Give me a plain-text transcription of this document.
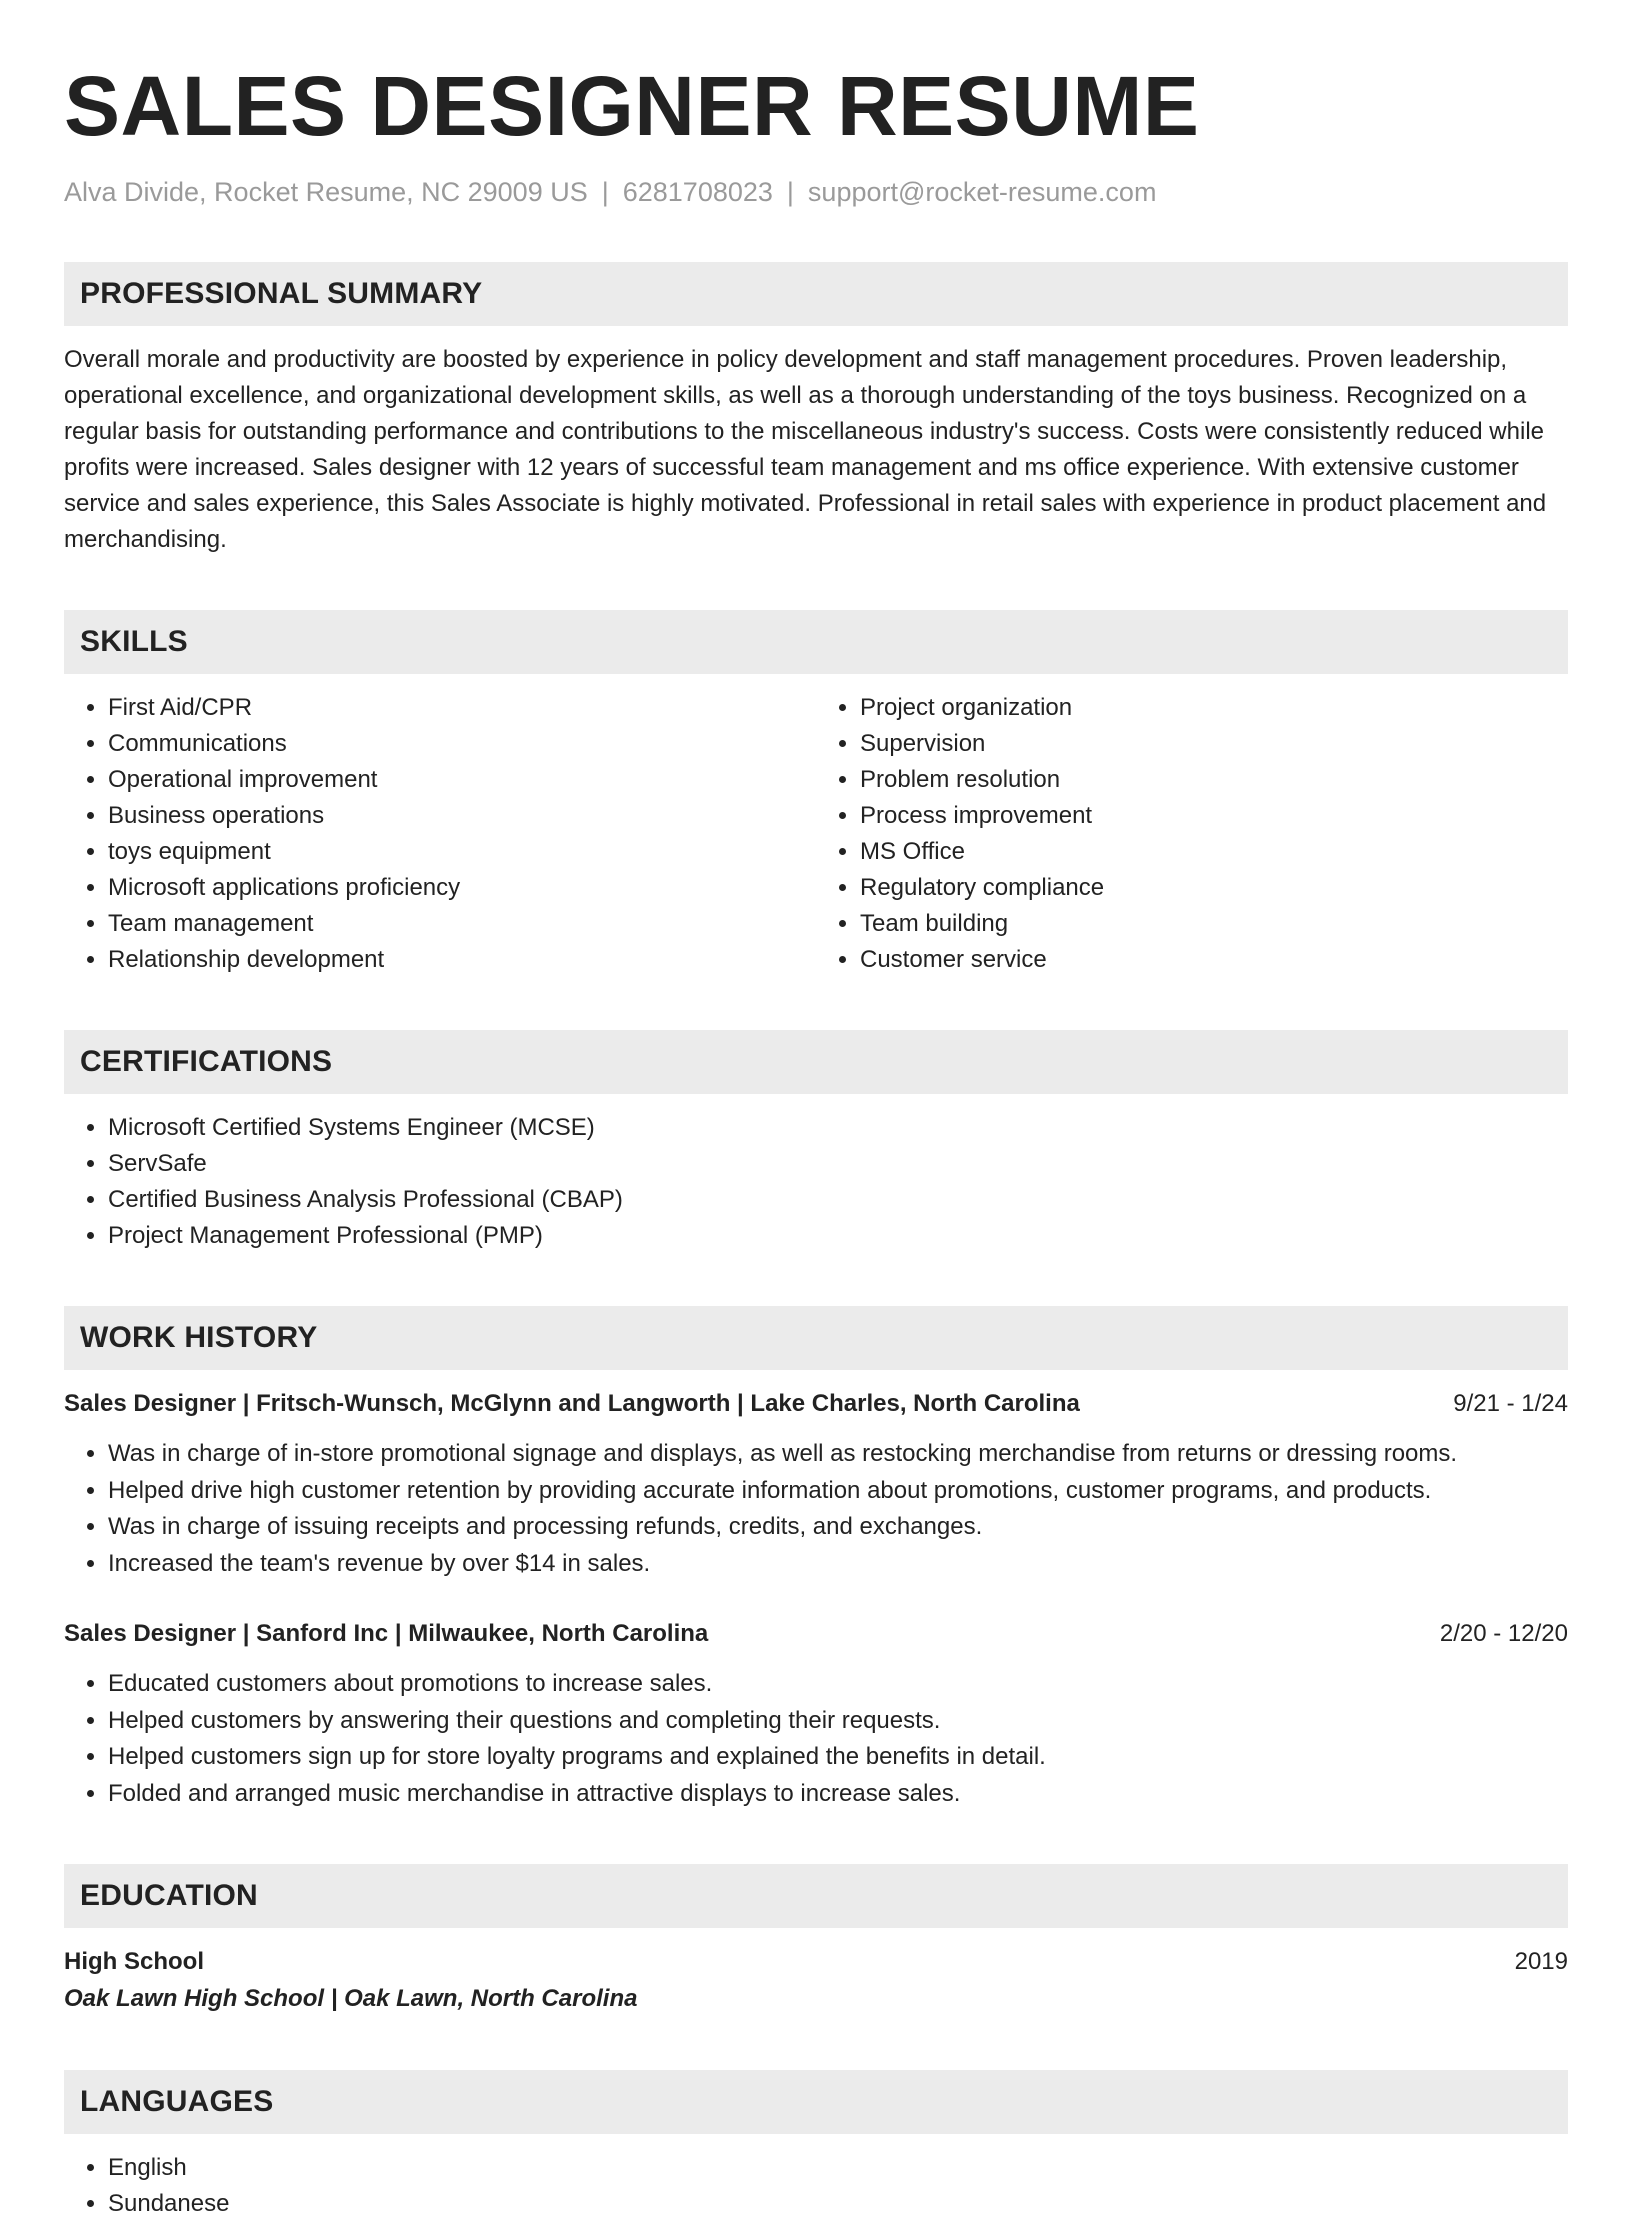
SALES DESIGNER RESUME
Alva Divide, Rocket Resume, NC 29009 US | 6281708023 | support@rocket-resume.com
PROFESSIONAL SUMMARY
Overall morale and productivity are boosted by experience in policy development and staff management procedures. Proven leadership, operational excellence, and organizational development skills, as well as a thorough understanding of the toys business. Recognized on a regular basis for outstanding performance and contributions to the miscellaneous industry's success. Costs were consistently reduced while profits were increased. Sales designer with 12 years of successful team management and ms office experience. With extensive customer service and sales experience, this Sales Associate is highly motivated. Professional in retail sales with experience in product placement and merchandising.
SKILLS
• First Aid/CPR
• Communications
• Operational improvement
• Business operations
• toys equipment
• Microsoft applications proficiency
• Team management
• Relationship development
• Project organization
• Supervision
• Problem resolution
• Process improvement
• MS Office
• Regulatory compliance
• Team building
• Customer service
CERTIFICATIONS
• Microsoft Certified Systems Engineer (MCSE)
• ServSafe
• Certified Business Analysis Professional (CBAP)
• Project Management Professional (PMP)
WORK HISTORY
Sales Designer | Fritsch-Wunsch, McGlynn and Langworth | Lake Charles, North Carolina	9/21 - 1/24
• Was in charge of in-store promotional signage and displays, as well as restocking merchandise from returns or dressing rooms.
• Helped drive high customer retention by providing accurate information about promotions, customer programs, and products.
• Was in charge of issuing receipts and processing refunds, credits, and exchanges.
• Increased the team's revenue by over $14 in sales.
Sales Designer | Sanford Inc | Milwaukee, North Carolina	2/20 - 12/20
• Educated customers about promotions to increase sales.
• Helped customers by answering their questions and completing their requests.
• Helped customers sign up for store loyalty programs and explained the benefits in detail.
• Folded and arranged music merchandise in attractive displays to increase sales.
EDUCATION
High School	2019
Oak Lawn High School | Oak Lawn, North Carolina
LANGUAGES
• English
• Sundanese
